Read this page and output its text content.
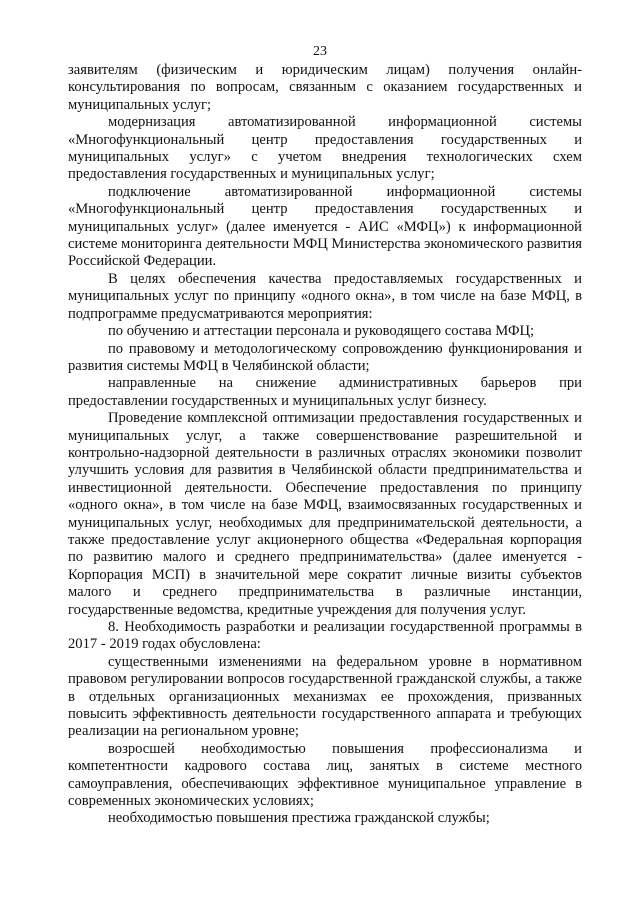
23

заявителям (физическим и юридическим лицам) получения онлайн-консультирования по вопросам, связанным с оказанием государственных и муниципальных услуг;

модернизация автоматизированной информационной системы «Многофункциональный центр предоставления государственных и муниципальных услуг» с учетом внедрения технологических схем предоставления государственных и муниципальных услуг;

подключение автоматизированной информационной системы «Многофункциональный центр предоставления государственных и муниципальных услуг» (далее именуется - АИС «МФЦ») к информационной системе мониторинга деятельности МФЦ Министерства экономического развития Российской Федерации.

В целях обеспечения качества предоставляемых государственных и муниципальных услуг по принципу «одного окна», в том числе на базе МФЦ, в подпрограмме предусматриваются мероприятия:

по обучению и аттестации персонала и руководящего состава МФЦ;

по правовому и методологическому сопровождению функционирования и развития системы МФЦ в Челябинской области;

направленные на снижение административных барьеров при предоставлении государственных и муниципальных услуг бизнесу.

Проведение комплексной оптимизации предоставления государственных и муниципальных услуг, а также совершенствование разрешительной и контрольно-надзорной деятельности в различных отраслях экономики позволит улучшить условия для развития в Челябинской области предпринимательства и инвестиционной деятельности. Обеспечение предоставления по принципу «одного окна», в том числе на базе МФЦ, взаимосвязанных государственных и муниципальных услуг, необходимых для предпринимательской деятельности, а также предоставление услуг акционерного общества «Федеральная корпорация по развитию малого и среднего предпринимательства» (далее именуется - Корпорация МСП) в значительной мере сократит личные визиты субъектов малого и среднего предпринимательства в различные инстанции, государственные ведомства, кредитные учреждения для получения услуг.

8. Необходимость разработки и реализации государственной программы в 2017 - 2019 годах обусловлена:

существенными изменениями на федеральном уровне в нормативном правовом регулировании вопросов государственной гражданской службы, а также в отдельных организационных механизмах ее прохождения, призванных повысить эффективность деятельности государственного аппарата и требующих реализации на региональном уровне;

возросшей необходимостью повышения профессионализма и компетентности кадрового состава лиц, занятых в системе местного самоуправления, обеспечивающих эффективное муниципальное управление в современных экономических условиях;

необходимостью повышения престижа гражданской службы;
